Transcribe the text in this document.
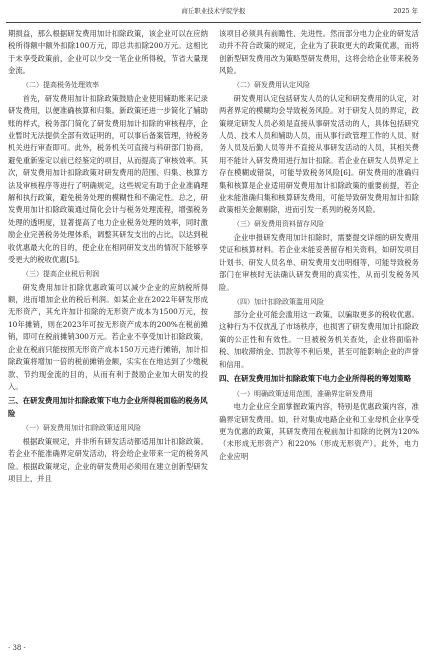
商丘职业技术学院学报	2025 年

期损益，那么根据研发费用加计扣除政策，该企业可以在应纳税所得额中额外扣除100万元，即总共扣除200万元。这相比于未享受政策前，企业可以少交一笔企业所得税，节省大量现金流。

（二）提高税务处理效率

首先，研发费用加计扣除政策鼓励企业使用辅助账来记录研发费用，以便准确核算和归集。新政策还进一步简化了辅助账的样式，税务部门简化了研发费用加计扣除的审核程序，企业暂时无法提供全部有效证明的，可以事后备案管理，待税务机关进行审查即可。此外，税务机关可直接与科研部门协商，避免重新鉴定以前已经鉴定的项目，从而提高了审核效率。其次，研发费用加计扣除政策对研发费用的范围、归集、核算方法及审核程序等进行了明确规定，这些规定有助于企业准确理解和执行政策，避免税务处理的模糊性和不确定性。总之，研发费用加计扣除政策通过简化会计与税务处理流程，增强税务处理的透明度，显著提高了电力企业税务处理的效率，同时激励企业完善税务处理体系，调整其研发支出的占比，以达到税收优惠最大化的目的，使企业在相同研发支出的情况下能够享受更大的税收优惠[5]。

（三）提高企业税后利润

研发费用加计扣除优惠政策可以减少企业的应纳税所得额，进而增加企业的税后利润。如某企业在2022年研发形成无形资产，其允许加计扣除的无形资产成本为1500万元，按10年摊销，则在2023年可按无形资产成本的200%在税前摊销，即可在税前摊销300万元。若企业不享受加计扣除政策，企业在税前只能按照无形资产成本150万元进行摊销，加计扣除政策将增加一倍的税前摊销金额，实实在在地达到了少缴税款、节约现金流的目的，从而有利于鼓励企业加大研发的投入。

三、在研发费用加计扣除政策下电力企业所得税面临的税务风险
（一）研发费用加计扣除政策适用风险

根据政策规定，并非所有研发活动都适用加计扣除政策。若企业不能准确界定研发活动，将会给企业带来一定的税务风险。根据政策规定，企业的研发费用必须用在建立创新型研发项目上，并且

该项目必须具有前瞻性、先进性。然而部分电力企业的研发活动并不符合政策的规定，企业为了获取更大的政策优惠，而将创新型研发费用改为策略型研发费用，这将会给企业带来税务风险。

（二）研发费用认定风险

研发费用认定包括研发人员的认定和研发费用的认定，对两者界定的模糊均会导致税务风险。对于研发人员的界定，政策规定研发人员必须是直接从事研发活动的人，具体包括研究人员、技术人员和辅助人员，而从事行政管理工作的人员、财务人员及后勤人员等并不直接从事研发活动的人员，其相关费用不能计入研发费用进行加计扣除。若企业在研发人员界定上存在模糊或错误，可能导致税务风险[6]。研发费用的准确归集和核算是企业适用研发费用加计扣除政策的重要前提，若企业未能准确归集和核算研发费用，可能导致研发费用加计扣除政策相关金额剔除，进而引发一系列的税务风险。

（三）研发费用资料留存风险

企业申报研发费用加计扣除时，需要提交详细的研发费用凭证和核算材料。若企业未能妥善留存相关资料，如研发项目计划书、研发人员名单、研发费用支出明细等，可能导致税务部门在审核时无法确认研发费用的真实性，从而引发税务风险。

（四）加计扣除政策滥用风险

部分企业可能会滥用这一政策，以骗取更多的税收优惠。这种行为不仅扰乱了市场秩序，也损害了研发费用加计扣除政策的公正性和有效性。一旦被税务机关查处，企业将面临补税、加收滞纳金、罚款等不利后果，甚至可能影响企业的声誉和信用。

四、在研发费用加计扣除政策下电力企业所得税的筹划策略
（一）明确政策适用范围，准确界定研发费用

电力企业应全面掌握政策内容，特别是优惠政策内容，准确界定研发费用。如，针对集成电路企业和工业母机企业享受更为优惠的政策，其研发费用在税前加计扣除的比例为120%（未形成无形资产）和220%（形成无形资产）。此外，电力企业应明

· 38 ·
